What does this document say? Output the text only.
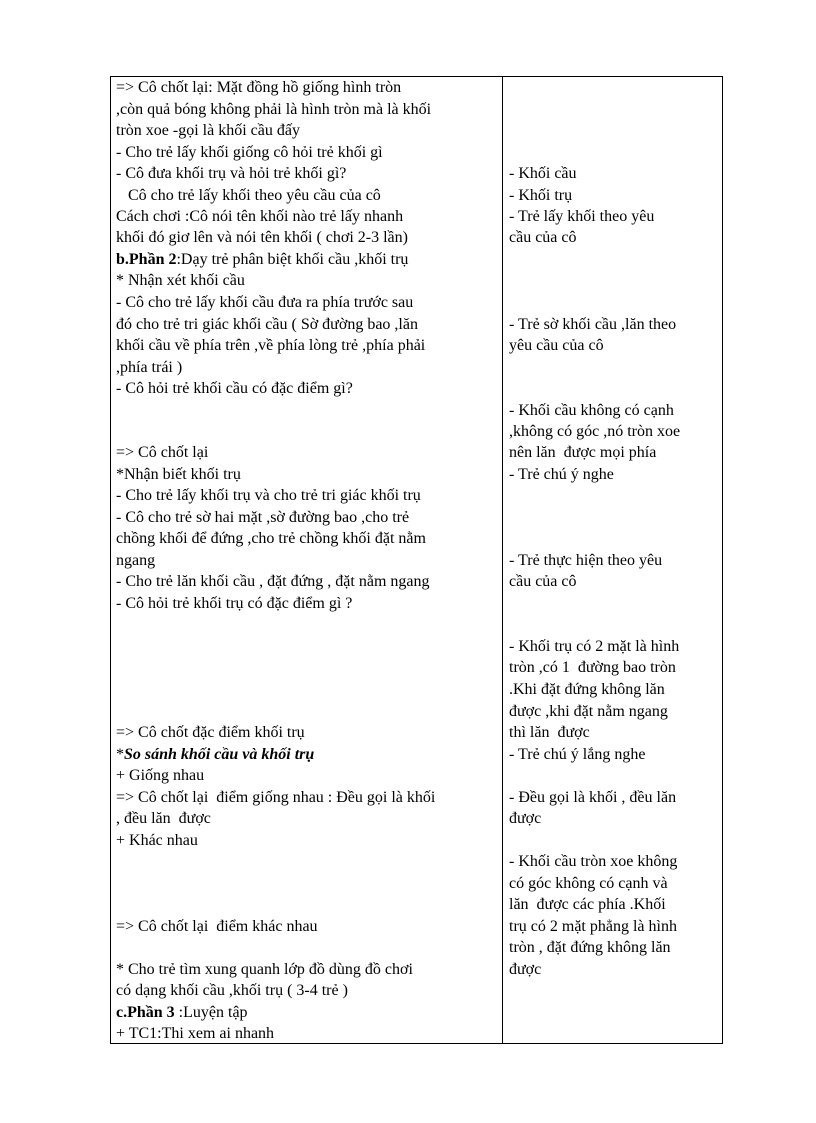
=> Cô chốt lại: Mặt đồng hồ giống hình tròn
,còn quả bóng không phải là hình tròn mà là khối
tròn xoe -gọi là khối cầu đấy
- Cho trẻ lấy khối giống cô hỏi trẻ khối gì
- Cô đưa khối trụ và hỏi trẻ khối gì?
Cô cho trẻ lấy khối theo yêu cầu của cô
Cách chơi :Cô nói tên khối nào trẻ lấy nhanh
khối đó giơ lên và nói tên khối ( chơi 2-3 lần)
b.Phần 2:Dạy trẻ phân biệt khối cầu ,khối trụ
* Nhận xét khối cầu
- Cô cho trẻ lấy khối cầu đưa ra phía trước sau
đó cho trẻ tri giác khối cầu ( Sờ đường bao ,lăn
khối cầu về phía trên ,về phía lòng trẻ ,phía phải
,phía trái )
- Cô hỏi trẻ khối cầu có đặc điểm gì?
=> Cô chốt lại
*Nhận biết khối trụ
- Cho trẻ lấy khối trụ và cho trẻ tri giác khối trụ
- Cô cho trẻ sờ hai mặt ,sờ đường bao ,cho trẻ
chồng khối để đứng ,cho trẻ chồng khối đặt nằm
ngang
- Cho trẻ lăn khối cầu , đặt đứng , đặt nằm ngang
- Cô hỏi trẻ khối trụ có đặc điểm gì ?
=> Cô chốt đặc điểm khối trụ
*So sánh khối cầu và khối trụ
+ Giống nhau
=> Cô chốt lại  điểm giống nhau : Đều gọi là khối
, đều lăn  được
+ Khác nhau
=> Cô chốt lại  điểm khác nhau
* Cho trẻ tìm xung quanh lớp đồ dùng đồ chơi
có dạng khối cầu ,khối trụ ( 3-4 trẻ )
c.Phần 3 :Luyện tập
+ TC1:Thi xem ai nhanh
- Khối cầu
- Khối trụ
- Trẻ lấy khối theo yêu
cầu của cô
- Trẻ sờ khối cầu ,lăn theo
yêu cầu của cô
- Khối cầu không có cạnh
,không có góc ,nó tròn xoe
nên lăn  được mọi phía
- Trẻ chú ý nghe
- Trẻ thực hiện theo yêu
cầu của cô
- Khối trụ có 2 mặt là hình
tròn ,có 1  đường bao tròn
.Khi đặt đứng không lăn
được ,khi đặt nằm ngang
thì lăn  được
- Trẻ chú ý lắng nghe
- Đều gọi là khối , đều lăn
được
- Khối cầu tròn xoe không
có góc không có cạnh và
lăn  được các phía .Khối
trụ có 2 mặt phẳng là hình
tròn , đặt đứng không lăn
được
